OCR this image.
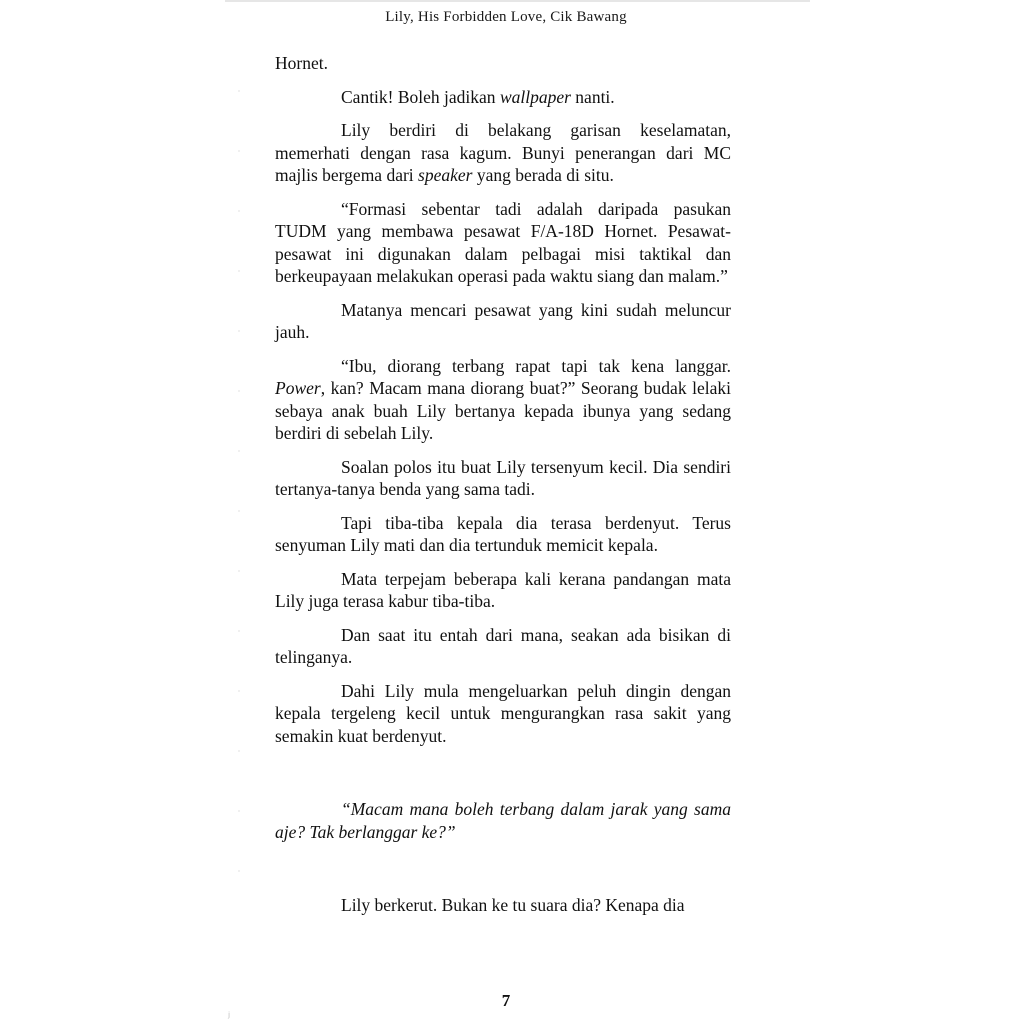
Lily, His Forbidden Love, Cik Bawang

Hornet.

Cantik! Boleh jadikan wallpaper nanti.

Lily berdiri di belakang garisan keselamatan, memerhati dengan rasa kagum. Bunyi penerangan dari MC majlis bergema dari speaker yang berada di situ.

“Formasi sebentar tadi adalah daripada pasukan TUDM yang membawa pesawat F/A-18D Hornet. Pesawat-pesawat ini digunakan dalam pelbagai misi taktikal dan berkeupayaan melakukan operasi pada waktu siang dan malam.”

Matanya mencari pesawat yang kini sudah meluncur jauh.

“Ibu, diorang terbang rapat tapi tak kena langgar. Power, kan? Macam mana diorang buat?” Seorang budak lelaki sebaya anak buah Lily bertanya kepada ibunya yang sedang berdiri di sebelah Lily.

Soalan polos itu buat Lily tersenyum kecil. Dia sendiri tertanya-tanya benda yang sama tadi.

Tapi tiba-tiba kepala dia terasa berdenyut. Terus senyuman Lily mati dan dia tertunduk memicit kepala.

Mata terpejam beberapa kali kerana pandangan mata Lily juga terasa kabur tiba-tiba.

Dan saat itu entah dari mana, seakan ada bisikan di telinganya.

Dahi Lily mula mengeluarkan peluh dingin dengan kepala tergeleng kecil untuk mengurangkan rasa sakit yang semakin kuat berdenyut.

“Macam mana boleh terbang dalam jarak yang sama aje? Tak berlanggar ke?”

Lily berkerut. Bukan ke tu suara dia? Kenapa dia

7
ⱼ
